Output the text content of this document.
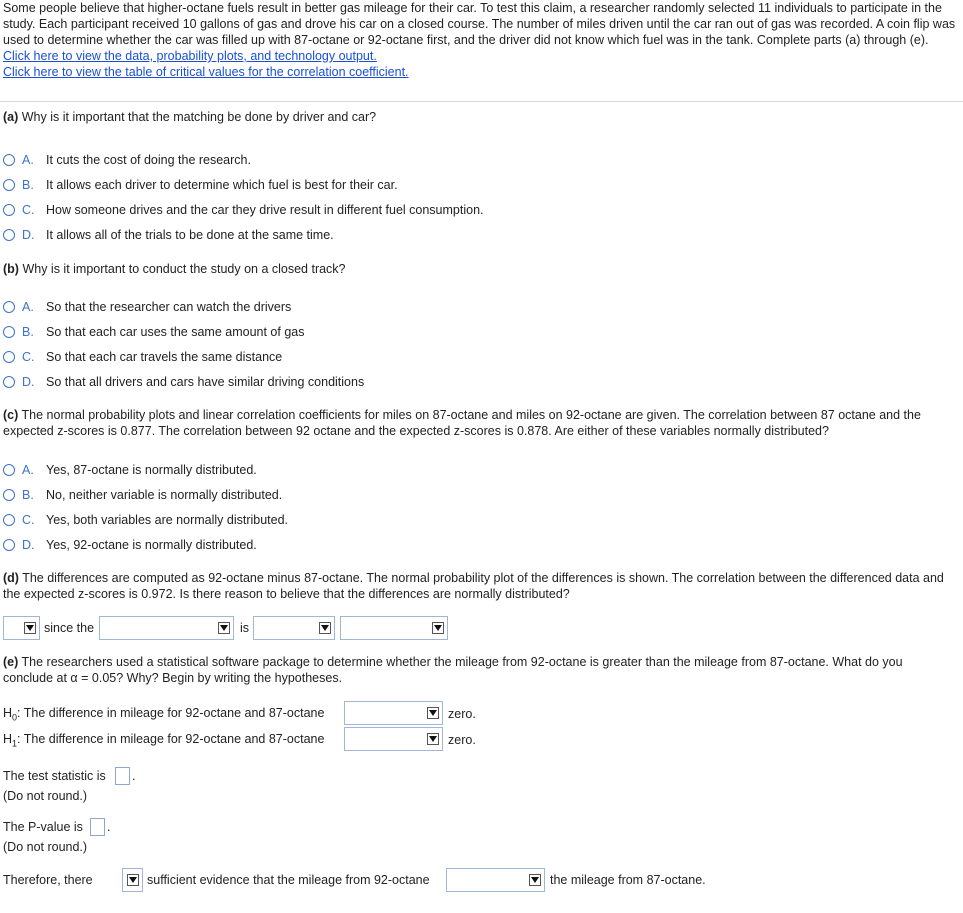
Some people believe that higher-octane fuels result in better gas mileage for their car. To test this claim, a researcher randomly selected 11 individuals to participate in the study. Each participant received 10 gallons of gas and drove his car on a closed course. The number of miles driven until the car ran out of gas was recorded. A coin flip was used to determine whether the car was filled up with 87-octane or 92-octane first, and the driver did not know which fuel was in the tank. Complete parts (a) through (e).
Click here to view the data, probability plots, and technology output.
Click here to view the table of critical values for the correlation coefficient.
(a) Why is it important that the matching be done by driver and car?
A. It cuts the cost of doing the research.
B. It allows each driver to determine which fuel is best for their car.
C. How someone drives and the car they drive result in different fuel consumption.
D. It allows all of the trials to be done at the same time.
(b) Why is it important to conduct the study on a closed track?
A. So that the researcher can watch the drivers
B. So that each car uses the same amount of gas
C. So that each car travels the same distance
D. So that all drivers and cars have similar driving conditions
(c) The normal probability plots and linear correlation coefficients for miles on 87-octane and miles on 92-octane are given. The correlation between 87 octane and the expected z-scores is 0.877. The correlation between 92 octane and the expected z-scores is 0.878. Are either of these variables normally distributed?
A. Yes, 87-octane is normally distributed.
B. No, neither variable is normally distributed.
C. Yes, both variables are normally distributed.
D. Yes, 92-octane is normally distributed.
(d) The differences are computed as 92-octane minus 87-octane. The normal probability plot of the differences is shown. The correlation between the differenced data and the expected z-scores is 0.972. Is there reason to believe that the differences are normally distributed?
since the	is
(e) The researchers used a statistical software package to determine whether the mileage from 92-octane is greater than the mileage from 87-octane. What do you conclude at α = 0.05? Why? Begin by writing the hypotheses.
$H_0$: The difference in mileage for 92-octane and 87-octane	zero.
$H_1$: The difference in mileage for 92-octane and 87-octane	zero.
The test statistic is .
(Do not round.)
The P-value is .
(Do not round.)
Therefore, there	sufficient evidence that the mileage from 92-octane	the mileage from 87-octane.
